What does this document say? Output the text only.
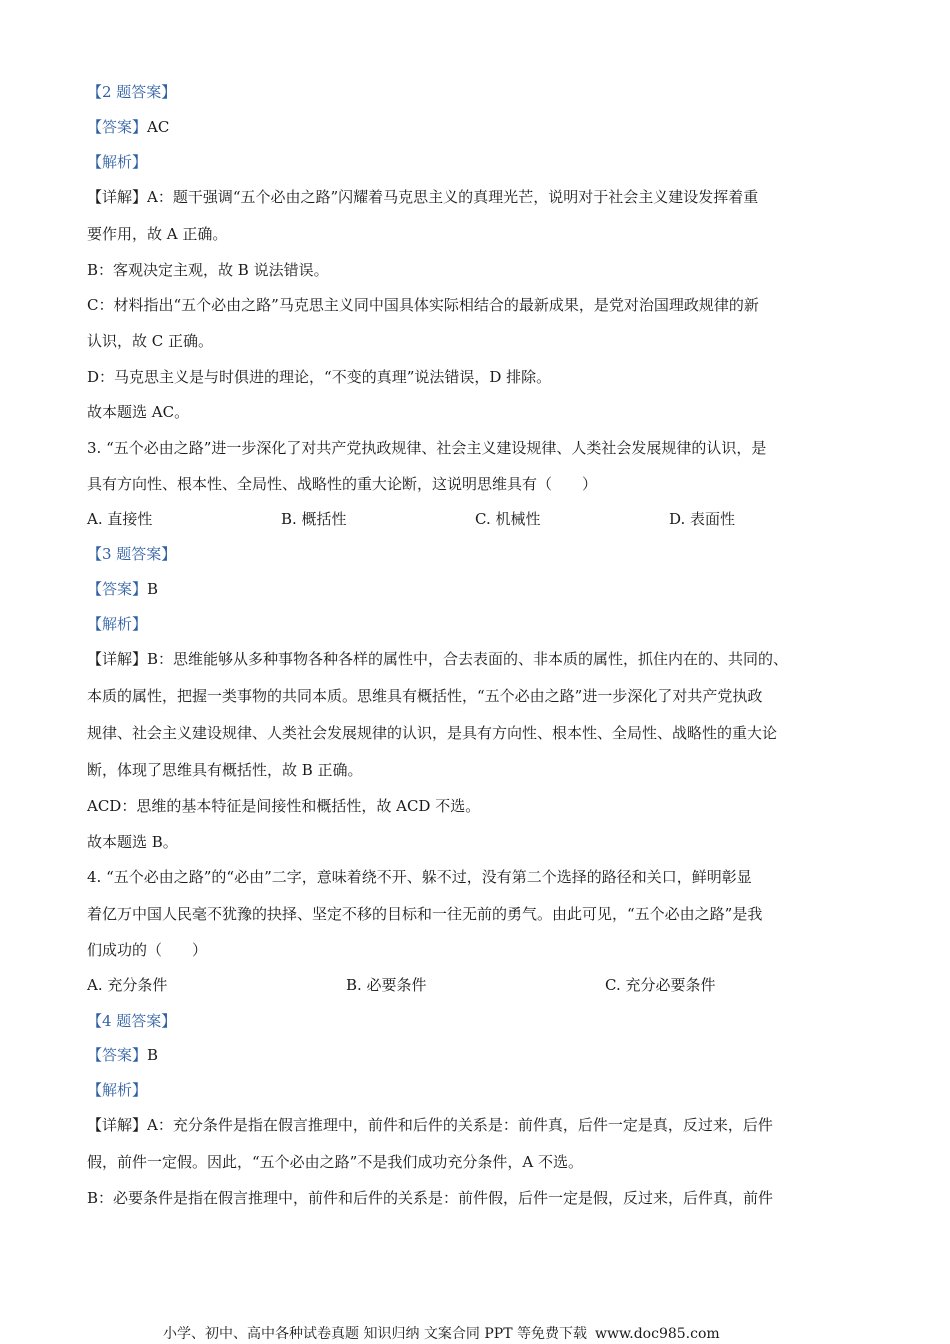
【2 题答案】
【答案】AC
【解析】
【详解】A：题干强调“五个必由之路”闪耀着马克思主义的真理光芒，说明对于社会主义建设发挥着重
要作用，故 A 正确。
B：客观决定主观，故 B 说法错误。
C：材料指出“五个必由之路”马克思主义同中国具体实际相结合的最新成果，是党对治国理政规律的新
认识，故 C 正确。
D：马克思主义是与时俱进的理论，“不变的真理”说法错误，D 排除。
故本题选 AC。
3. “五个必由之路”进一步深化了对共产党执政规律、社会主义建设规律、人类社会发展规律的认识，是
具有方向性、根本性、全局性、战略性的重大论断，这说明思维具有（　　）
A. 直接性	B. 概括性	C. 机械性	D. 表面性
【3 题答案】
【答案】B
【解析】
【详解】B：思维能够从多种事物各种各样的属性中，合去表面的、非本质的属性，抓住内在的、共同的、
本质的属性，把握一类事物的共同本质。思维具有概括性，“五个必由之路”进一步深化了对共产党执政
规律、社会主义建设规律、人类社会发展规律的认识，是具有方向性、根本性、全局性、战略性的重大论
断，体现了思维具有概括性，故 B 正确。
ACD：思维的基本特征是间接性和概括性，故 ACD 不选。
故本题选 B。
4. “五个必由之路”的“必由”二字，意味着绕不开、躲不过，没有第二个选择的路径和关口，鲜明彰显
着亿万中国人民毫不犹豫的抉择、坚定不移的目标和一往无前的勇气。由此可见，“五个必由之路”是我
们成功的（　　）
A. 充分条件	B. 必要条件	C. 充分必要条件
【4 题答案】
【答案】B
【解析】
【详解】A：充分条件是指在假言推理中，前件和后件的关系是：前件真，后件一定是真，反过来，后件
假，前件一定假。因此，“五个必由之路”不是我们成功充分条件，A 不选。
B：必要条件是指在假言推理中，前件和后件的关系是：前件假，后件一定是假，反过来，后件真，前件
小学、初中、高中各种试卷真题 知识归纳 文案合同 PPT 等免费下载 www.doc985.com
